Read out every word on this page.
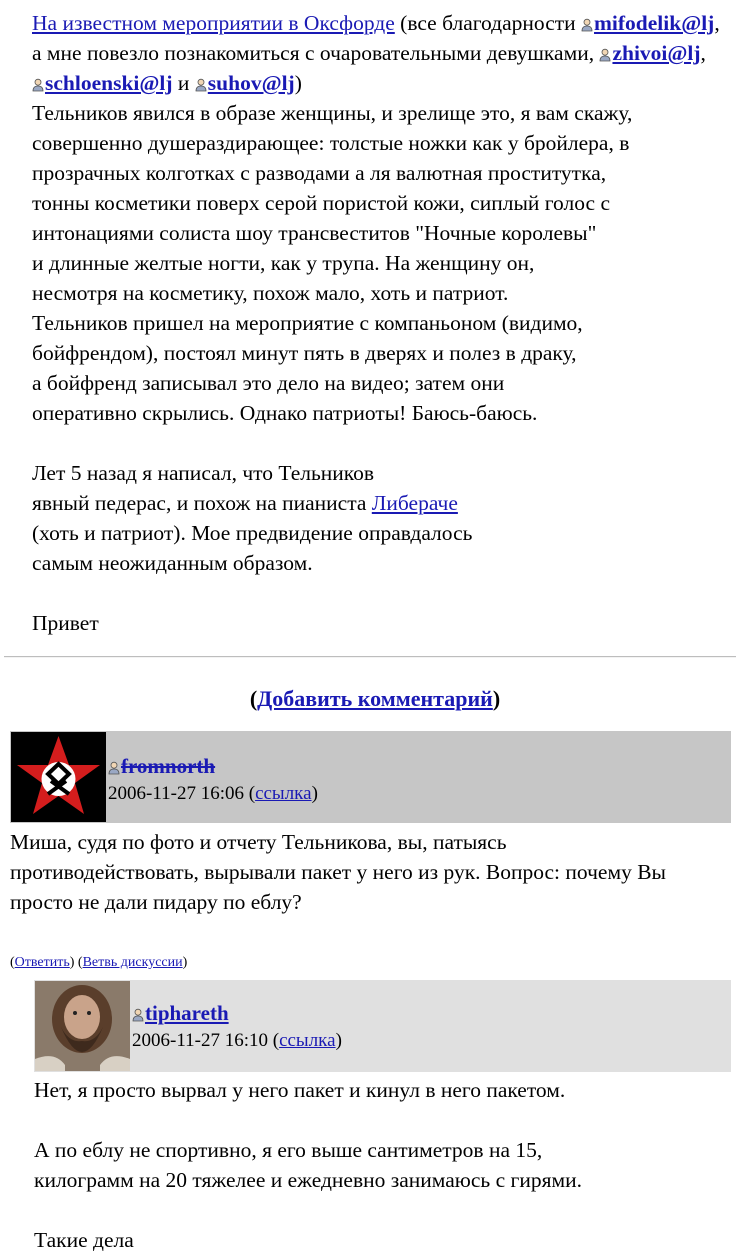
На известном мероприятии в Оксфорде (все благодарности mifodelik@lj, а мне повезло познакомиться с очаровательными девушками, zhivoi@lj, schloenski@lj и suhov@lj)
Тельников явился в образе женщины, и зрелище это, я вам скажу,
совершенно душераздирающее: толстые ножки как у бройлера, в
прозрачных колготках с разводами а ля валютная проститутка,
тонны косметики поверх серой пористой кожи, сиплый голос с
интонациями солиста шоу трансвеститов "Ночные королевы"
и длинные желтые ногти, как у трупа. На женщину он,
несмотря на косметику, похож мало, хоть и патриот.
Тельников пришел на мероприятие с компаньоном (видимо,
бойфрендом), постоял минут пять в дверях и полез в драку,
а бойфренд записывал это дело на видео; затем они
оперативно скрылись. Однако патриоты! Баюсь-баюсь.

Лет 5 назад я написал, что Тельников
явный педерас, и похож на пианиста Либераче
(хоть и патриот). Мое предвидение оправдалось
самым неожиданным образом.

Привет

(Добавить комментарий)
fromnorth
2006-11-27 16:06 (ссылка)

Миша, судя по фото и отчету Тельникова, вы, патыясь
противодействовать, вырывали пакет у него из рук. Вопрос: почему Вы
просто не дали пидару по еблу?

(Ответить) (Ветвь дискуссии)
tiphareth
2006-11-27 16:10 (ссылка)

Нет, я просто вырвал у него пакет и кинул в него пакетом.

А по еблу не спортивно, я его выше сантиметров на 15,
килограмм на 20 тяжелее и ежедневно занимаюсь с гирями.

Такие дела
